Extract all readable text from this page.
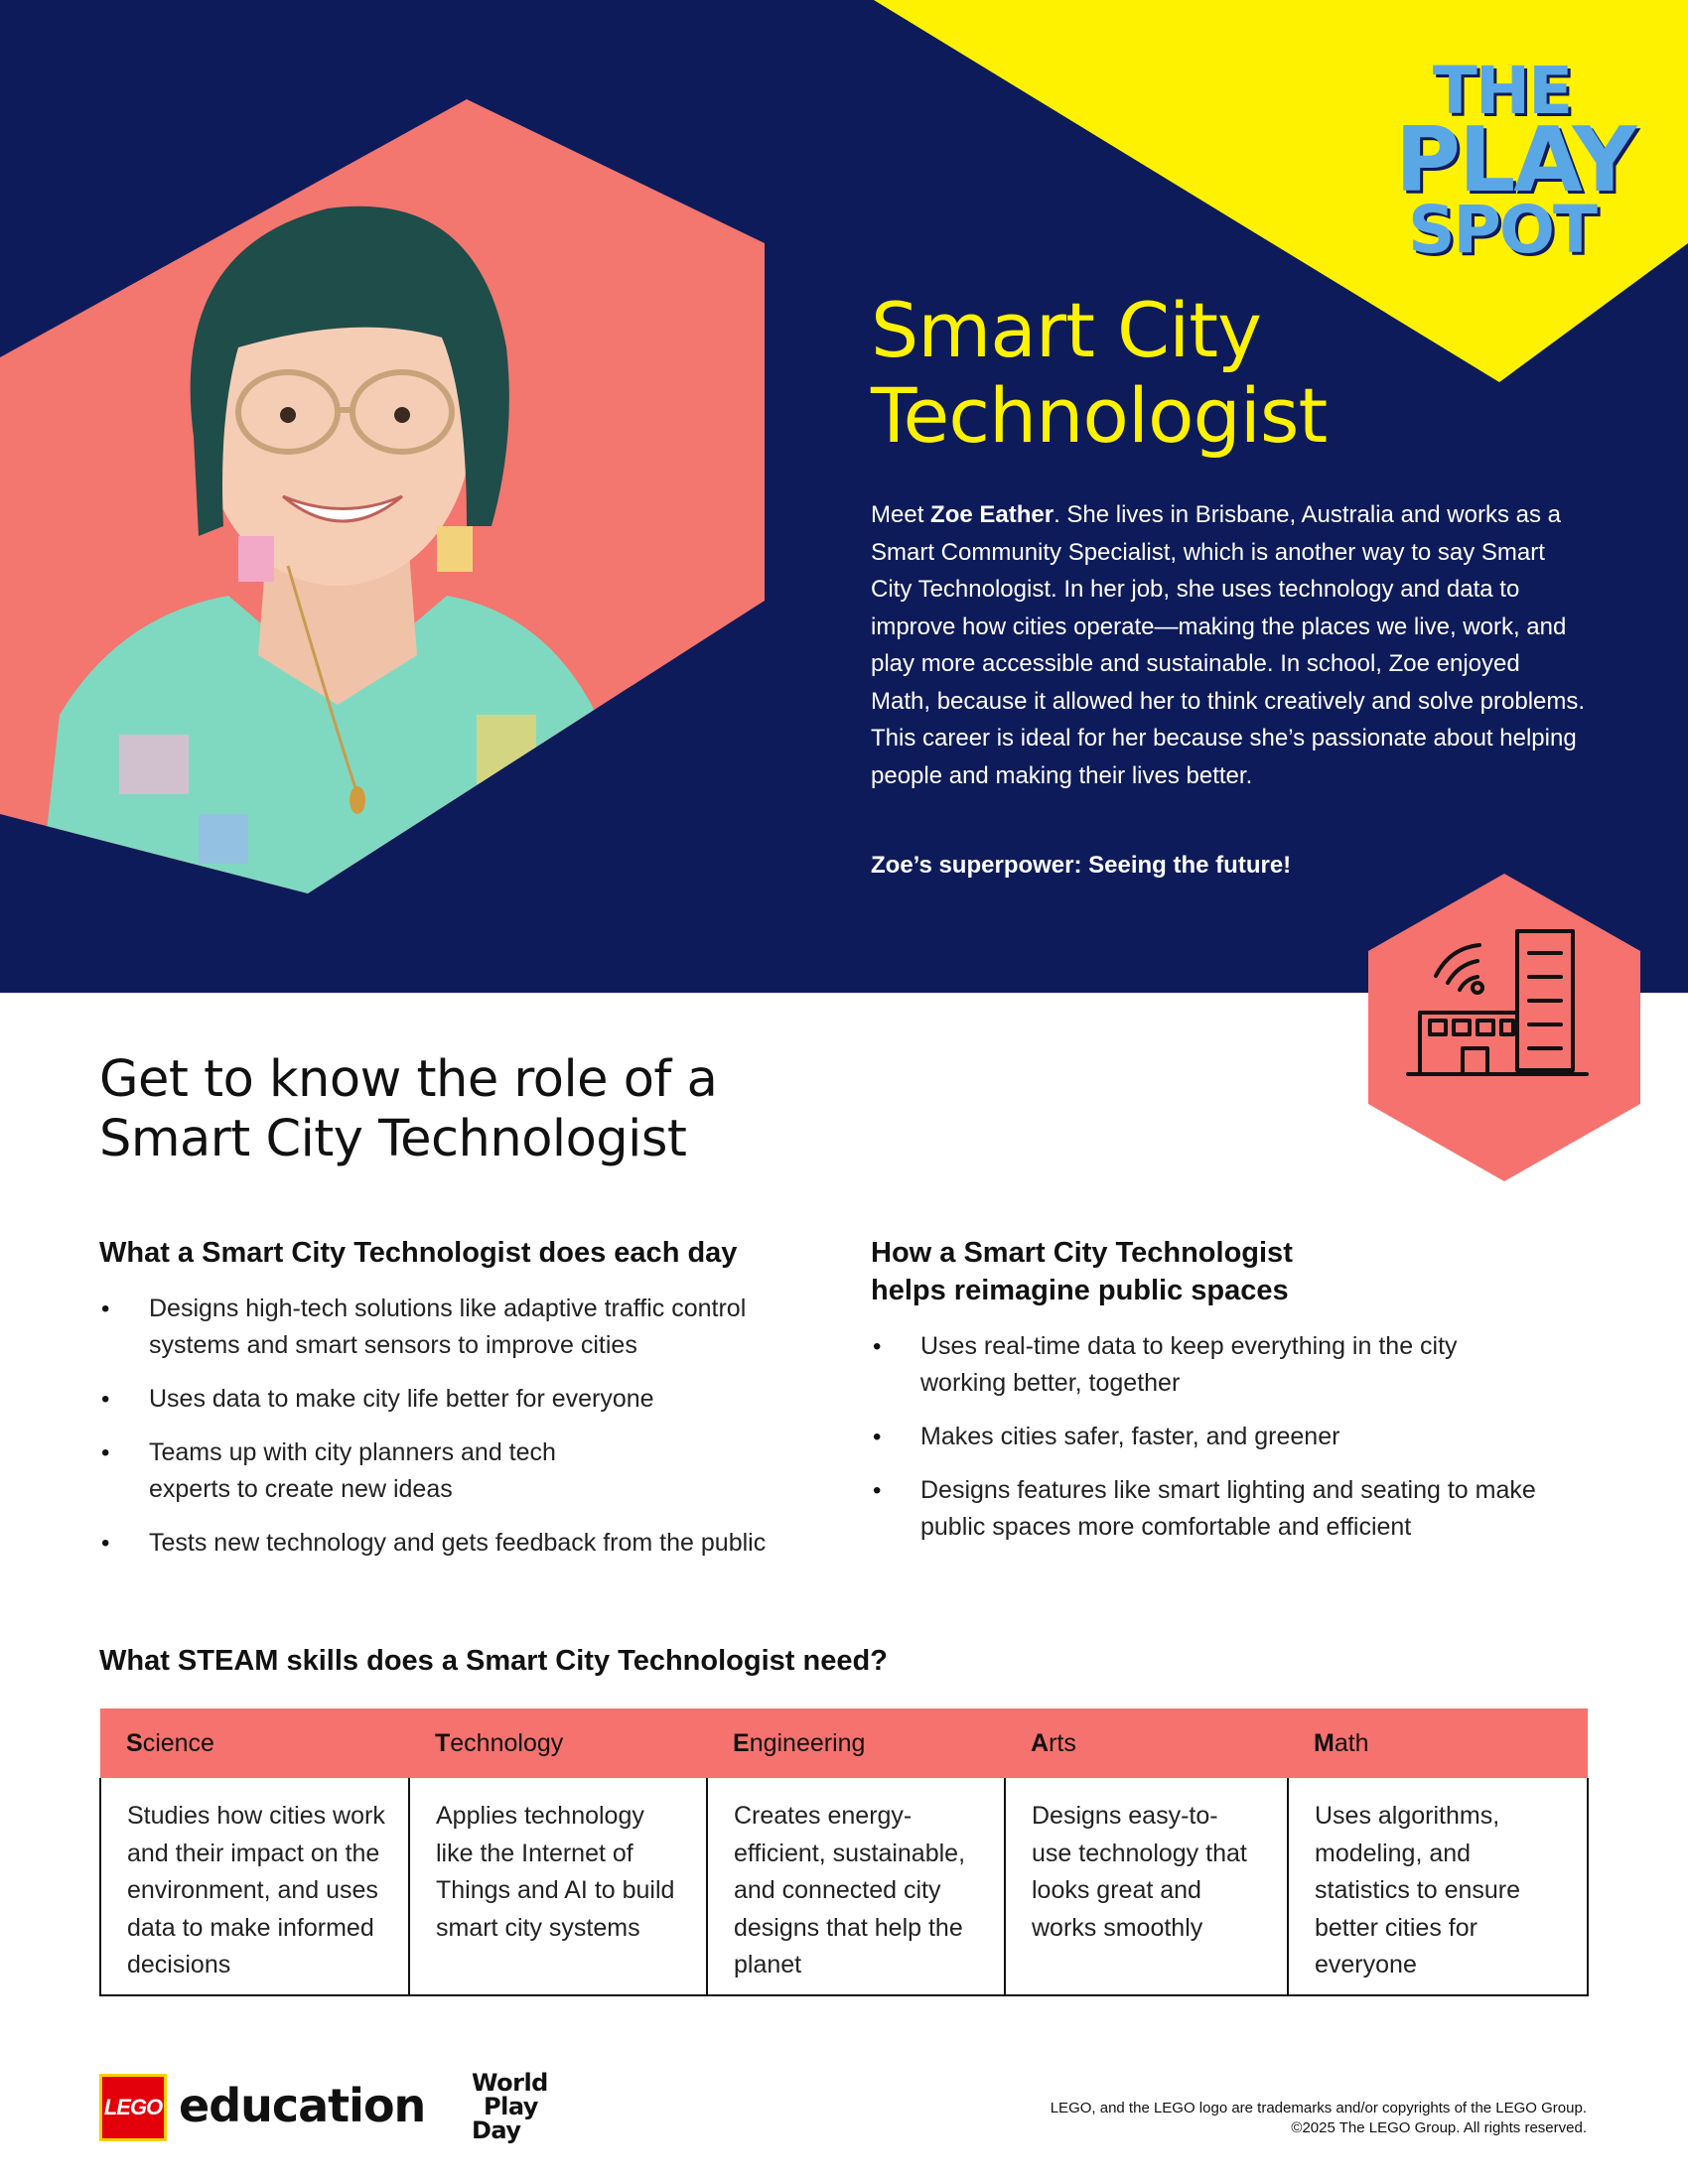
THE
PLAY
SPOT
Smart City
Technologist

Meet Zoe Eather. She lives in Brisbane, Australia and works as a Smart Community Specialist, which is another way to say Smart City Technologist. In her job, she uses technology and data to improve how cities operate—making the places we live, work, and play more accessible and sustainable. In school, Zoe enjoyed Math, because it allowed her to think creatively and solve problems. This career is ideal for her because she’s passionate about helping people and making their lives better.

Zoe’s superpower: Seeing the future!

Get to know the role of a
Smart City Technologist
What a Smart City Technologist does each day
• Designs high-tech solutions like adaptive traffic control systems and smart sensors to improve cities
• Uses data to make city life better for everyone
• Teams up with city planners and tech experts to create new ideas
• Tests new technology and gets feedback from the public
How a Smart City Technologist
helps reimagine public spaces
• Uses real-time data to keep everything in the city working better, together
• Makes cities safer, faster, and greener
• Designs features like smart lighting and seating to make public spaces more comfortable and efficient
What STEAM skills does a Smart City Technologist need?
Science	Technology	Engineering	Arts	Math
Studies how cities work and their impact on the environment, and uses data to make informed decisions	Applies technology like the Internet of Things and AI to build smart city systems	Creates energy-efficient, sustainable, and connected city designs that help the planet	Designs easy-to-use technology that looks great and works smoothly	Uses algorithms, modeling, and statistics to ensure better cities for everyone
LEGO education World
Play
Day
LEGO, and the LEGO logo are trademarks and/or copyrights of the LEGO Group.
©2025 The LEGO Group. All rights reserved.
